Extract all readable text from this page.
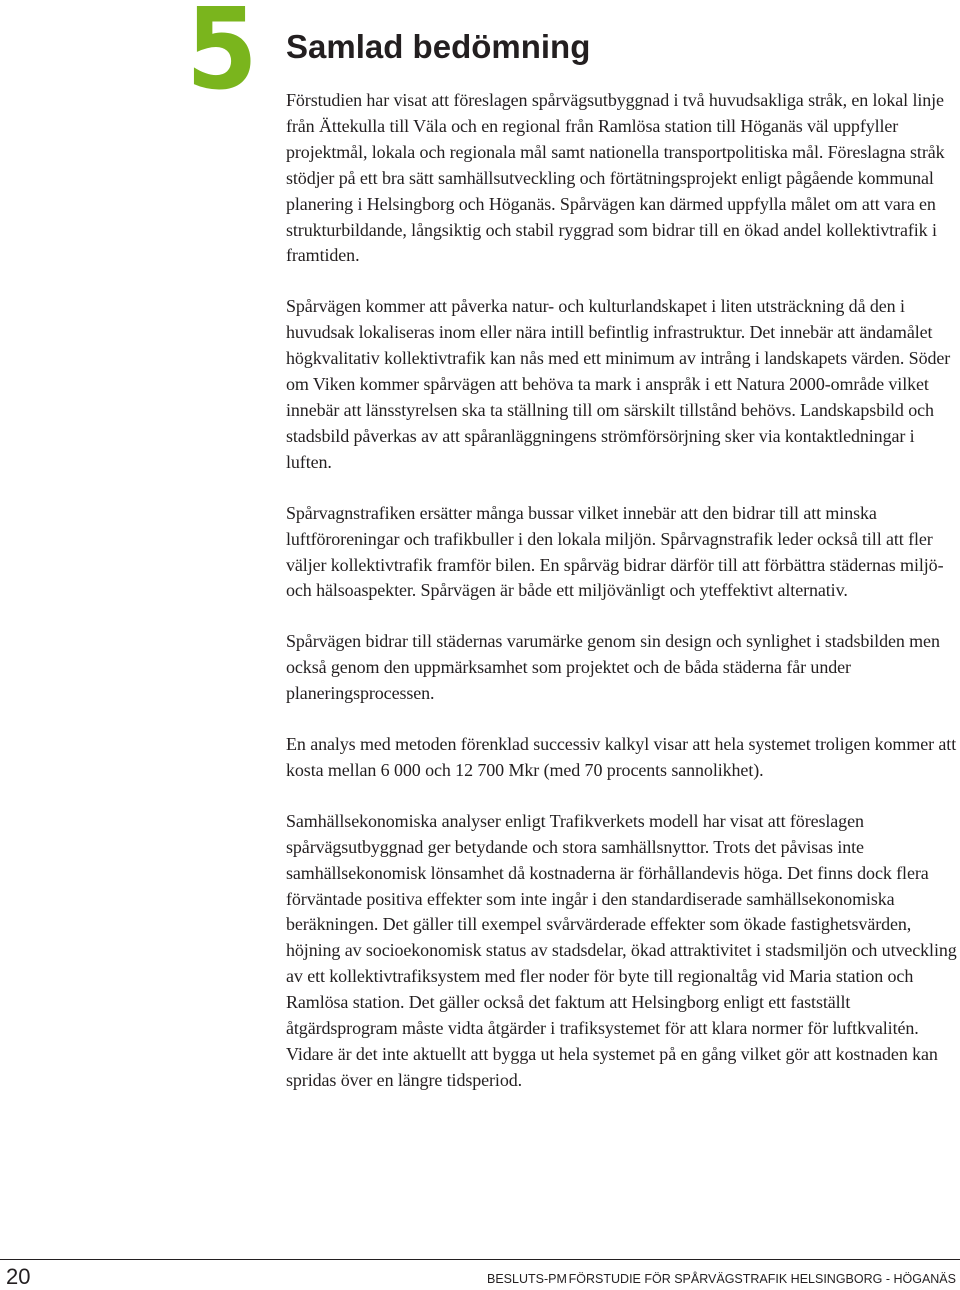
5 Samlad bedömning

Förstudien har visat att föreslagen spårvägsutbyggnad i två huvudsakliga stråk, en lokal linje från Ättekulla till Väla och en regional från Ramlösa station till Höganäs väl uppfyller projektmål, lokala och regionala mål samt nationella transportpolitiska mål. Föreslagna stråk stödjer på ett bra sätt samhällsutveckling och förtätningsprojekt enligt pågående kommunal planering i Helsingborg och Höganäs. Spårvägen kan därmed uppfylla målet om att vara en strukturbildande, långsiktig och stabil ryggrad som bidrar till en ökad andel kollektivtrafik i framtiden.

Spårvägen kommer att påverka natur- och kulturlandskapet i liten utsträckning då den i huvudsak lokaliseras inom eller nära intill befintlig infrastruktur. Det innebär att ändamålet högkvalitativ kollektivtrafik kan nås med ett minimum av intrång i landskapets värden. Söder om Viken kommer spårvägen att behöva ta mark i anspråk i ett Natura 2000-område vilket innebär att länsstyrelsen ska ta ställning till om särskilt tillstånd behövs. Landskapsbild och stadsbild påverkas av att spåranläggningens strömförsörjning sker via kontaktledningar i luften.

Spårvagnstrafiken ersätter många bussar vilket innebär att den bidrar till att minska luftföroreningar och trafikbuller i den lokala miljön. Spårvagnstrafik leder också till att fler väljer kollektivtrafik framför bilen. En spårväg bidrar därför till att förbättra städernas miljö- och hälsoaspekter. Spårvägen är både ett miljövänligt och yteffektivt alternativ.

Spårvägen bidrar till städernas varumärke genom sin design och synlighet i stadsbilden men också genom den uppmärksamhet som projektet och de båda städerna får under planeringsprocessen.

En analys med metoden förenklad successiv kalkyl visar att hela systemet troligen kommer att kosta mellan 6 000 och 12 700 Mkr (med 70 procents sannolikhet).

Samhällsekonomiska analyser enligt Trafikverkets modell har visat att föreslagen spårvägsutbyggnad ger betydande och stora samhällsnyttor. Trots det påvisas inte samhällsekonomisk lönsamhet då kostnaderna är förhållandevis höga. Det finns dock flera förväntade positiva effekter som inte ingår i den standardiserade samhällsekonomiska beräkningen. Det gäller till exempel svårvärderade effekter som ökade fastighetsvärden, höjning av socioekonomisk status av stadsdelar, ökad attraktivitet i stadsmiljön och utveckling av ett kollektivtrafiksystem med fler noder för byte till regionaltåg vid Maria station och Ramlösa station. Det gäller också det faktum att Helsingborg enligt ett fastställt åtgärdsprogram måste vidta åtgärder i trafiksystemet för att klara normer för luftkvalitén. Vidare är det inte aktuellt att bygga ut hela systemet på en gång vilket gör att kostnaden kan spridas över en längre tidsperiod.

20	BESLUTS-PM FÖRSTUDIE FÖR SPÅRVÄGSTRAFIK HELSINGBORG - HÖGANÄS
